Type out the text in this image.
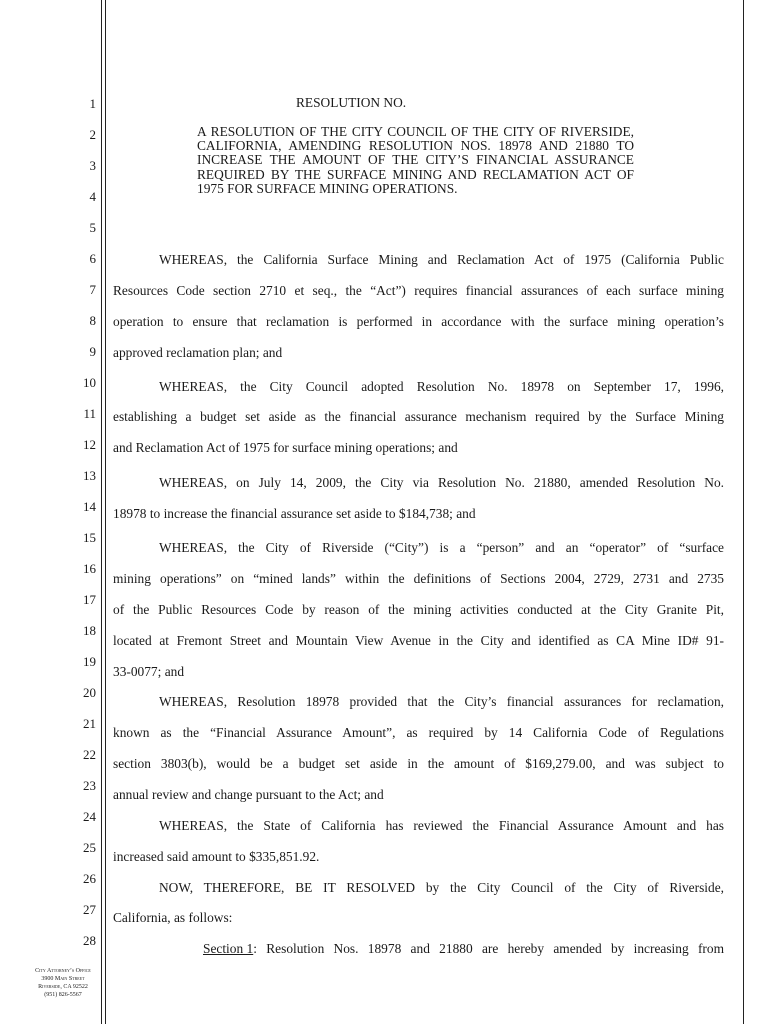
1
2
3
4
5
6
7
8
9
10
11
12
13
14
15
16
17
18
19
20
21
22
23
24
25
26
27
28
RESOLUTION NO.
A RESOLUTION OF THE CITY COUNCIL OF THE CITY OF RIVERSIDE, CALIFORNIA, AMENDING RESOLUTION NOS. 18978 AND 21880 TO INCREASE THE AMOUNT OF THE CITY’S FINANCIAL ASSURANCE REQUIRED BY THE SURFACE MINING AND RECLAMATION ACT OF 1975 FOR SURFACE MINING OPERATIONS.
WHEREAS, the California Surface Mining and Reclamation Act of 1975 (California Public
Resources Code section 2710 et seq., the “Act”) requires financial assurances of each surface mining
operation to ensure that reclamation is performed in accordance with the surface mining operation’s
approved reclamation plan; and
WHEREAS, the City Council adopted Resolution No. 18978 on September 17, 1996,
establishing a budget set aside as the financial assurance mechanism required by the Surface Mining
and Reclamation Act of 1975 for surface mining operations; and
WHEREAS, on July 14, 2009, the City via Resolution No. 21880, amended Resolution No.
18978 to increase the financial assurance set aside to $184,738; and
WHEREAS, the City of Riverside (“City”) is a “person” and an “operator” of “surface
mining operations” on “mined lands” within the definitions of Sections 2004, 2729, 2731 and 2735
of the Public Resources Code by reason of the mining activities conducted at the City Granite Pit,
located at Fremont Street and Mountain View Avenue in the City and identified as CA Mine ID# 91-
33-0077; and
WHEREAS, Resolution 18978 provided that the City’s financial assurances for reclamation,
known as the “Financial Assurance Amount”, as required by 14 California Code of Regulations
section 3803(b), would be a budget set aside in the amount of $169,279.00, and was subject to
annual review and change pursuant to the Act; and
WHEREAS, the State of California has reviewed the Financial Assurance Amount and has
increased said amount to $335,851.92.
NOW, THEREFORE, BE IT RESOLVED by the City Council of the City of Riverside,
California, as follows:
Section 1 : Resolution Nos. 18978 and 21880 are hereby amended by increasing from
City Attorney’s Office
3900 Main Street
Riverside, CA 92522
(951) 826-5567
